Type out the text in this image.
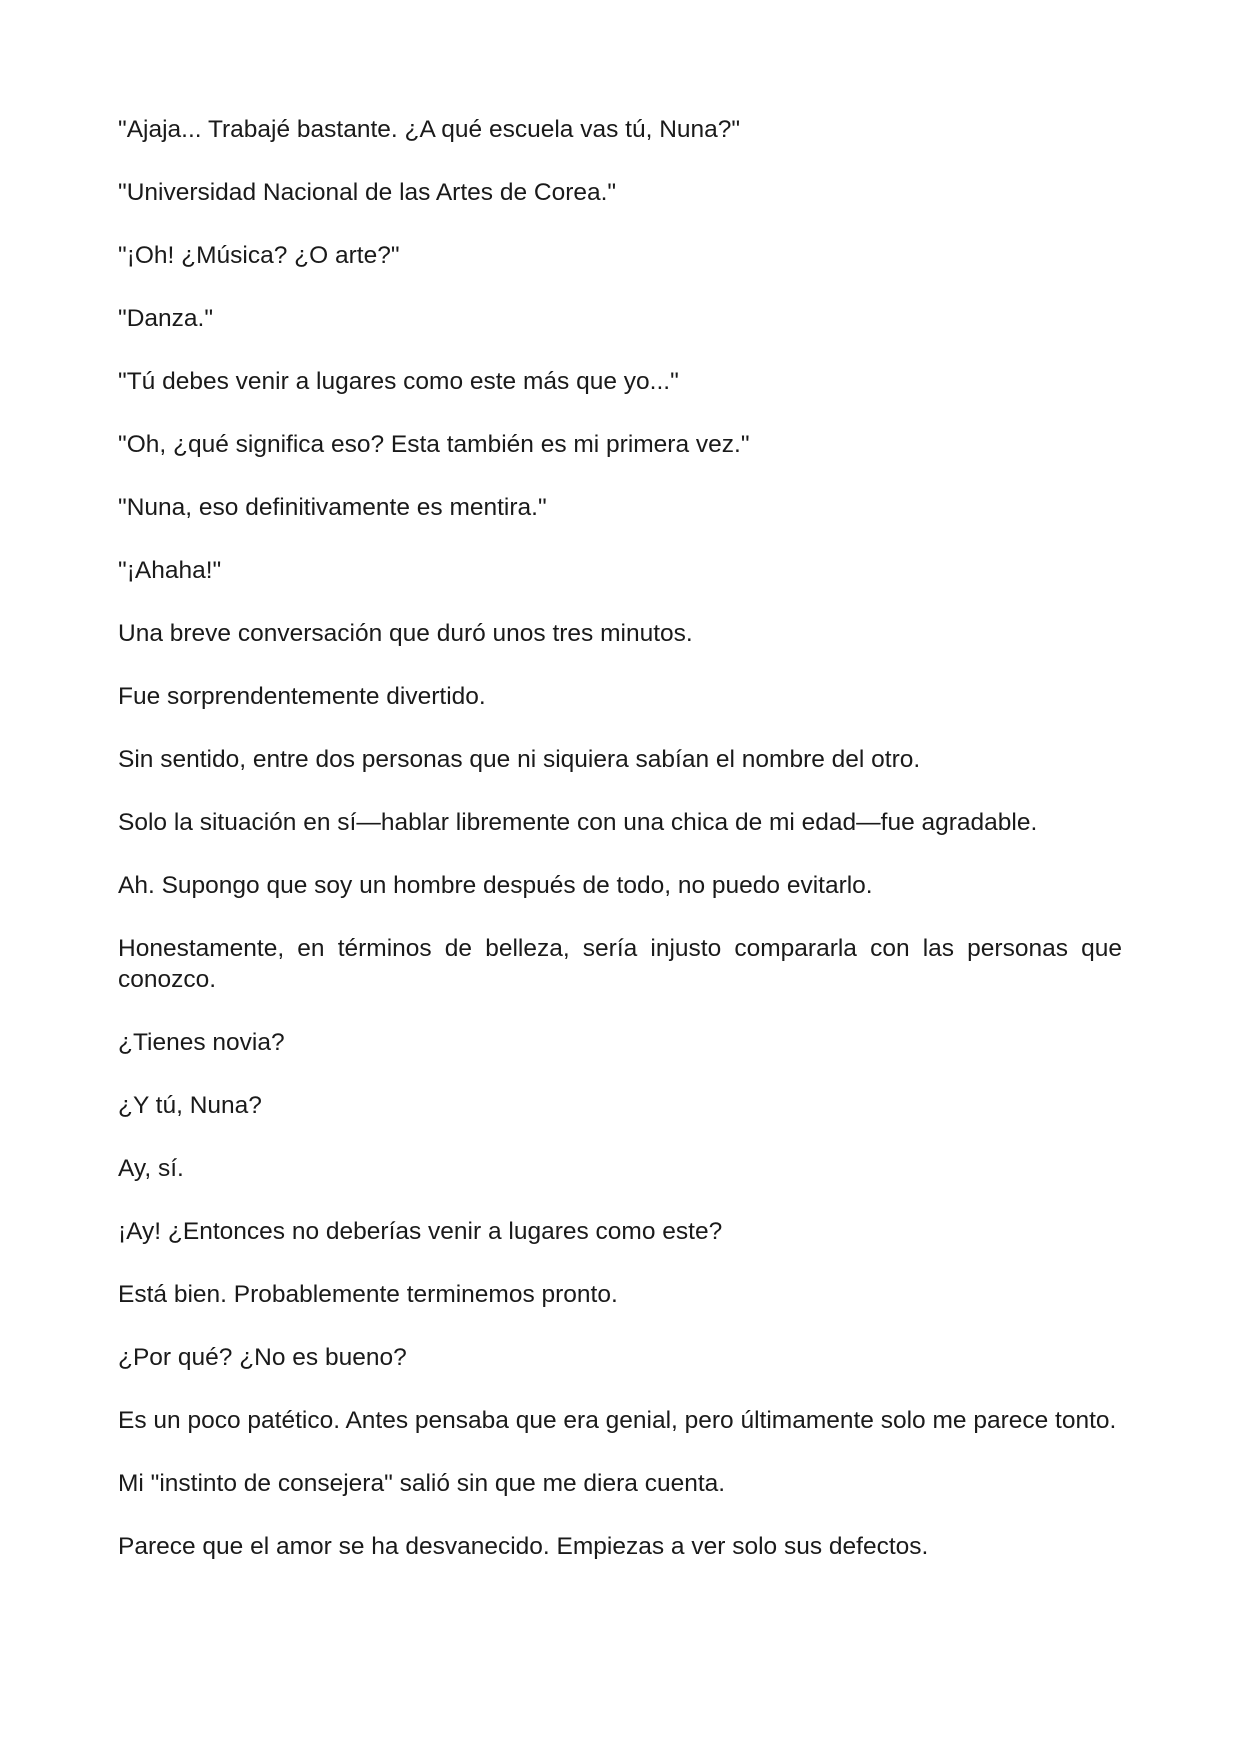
"Ajaja... Trabajé bastante. ¿A qué escuela vas tú, Nuna?"

"Universidad Nacional de las Artes de Corea."

"¡Oh! ¿Música? ¿O arte?"

"Danza."

"Tú debes venir a lugares como este más que yo..."

"Oh, ¿qué significa eso? Esta también es mi primera vez."

"Nuna, eso definitivamente es mentira."

"¡Ahaha!"

Una breve conversación que duró unos tres minutos.

Fue sorprendentemente divertido.

Sin sentido, entre dos personas que ni siquiera sabían el nombre del otro.

Solo la situación en sí—hablar libremente con una chica de mi edad—fue agradable.

Ah. Supongo que soy un hombre después de todo, no puedo evitarlo.

Honestamente, en términos de belleza, sería injusto compararla con las personas que conozco.

¿Tienes novia?

¿Y tú, Nuna?

Ay, sí.

¡Ay! ¿Entonces no deberías venir a lugares como este?

Está bien. Probablemente terminemos pronto.

¿Por qué? ¿No es bueno?

Es un poco patético. Antes pensaba que era genial, pero últimamente solo me parece tonto.

Mi "instinto de consejera" salió sin que me diera cuenta.

Parece que el amor se ha desvanecido. Empiezas a ver solo sus defectos.
